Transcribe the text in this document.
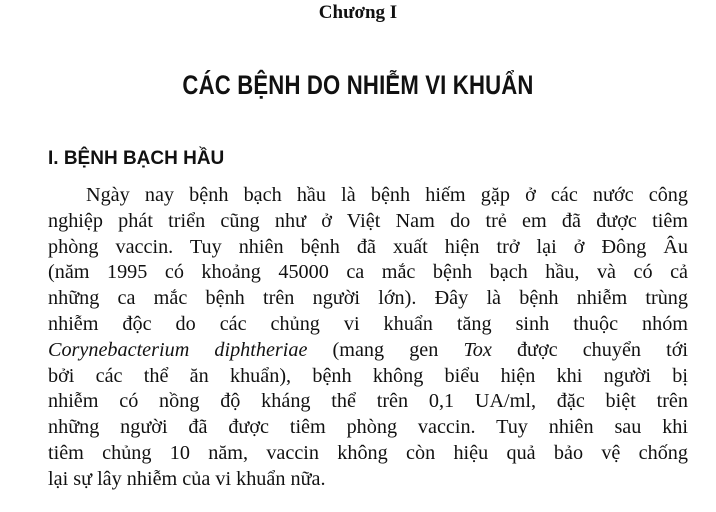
Chương I
CÁC BỆNH DO NHIỄM VI KHUẨN
I. BỆNH BẠCH HẦU
Ngày nay bệnh bạch hầu là bệnh hiếm gặp ở các nước công
nghiệp phát triển cũng như ở Việt Nam do trẻ em đã được tiêm
phòng vaccin. Tuy nhiên bệnh đã xuất hiện trở lại ở Đông Âu
(năm 1995 có khoảng 45000 ca mắc bệnh bạch hầu, và có cả
những ca mắc bệnh trên người lớn). Đây là bệnh nhiễm trùng
nhiễm độc do các chủng vi khuẩn tăng sinh thuộc nhóm
Corynebacterium diphtheriae (mang gen Tox được chuyển tới
bởi các thể ăn khuẩn), bệnh không biểu hiện khi người bị
nhiễm có nồng độ kháng thể trên 0,1 UA/ml, đặc biệt trên
những người đã được tiêm phòng vaccin. Tuy nhiên sau khi
tiêm chủng 10 năm, vaccin không còn hiệu quả bảo vệ chống
lại sự lây nhiễm của vi khuẩn nữa.
